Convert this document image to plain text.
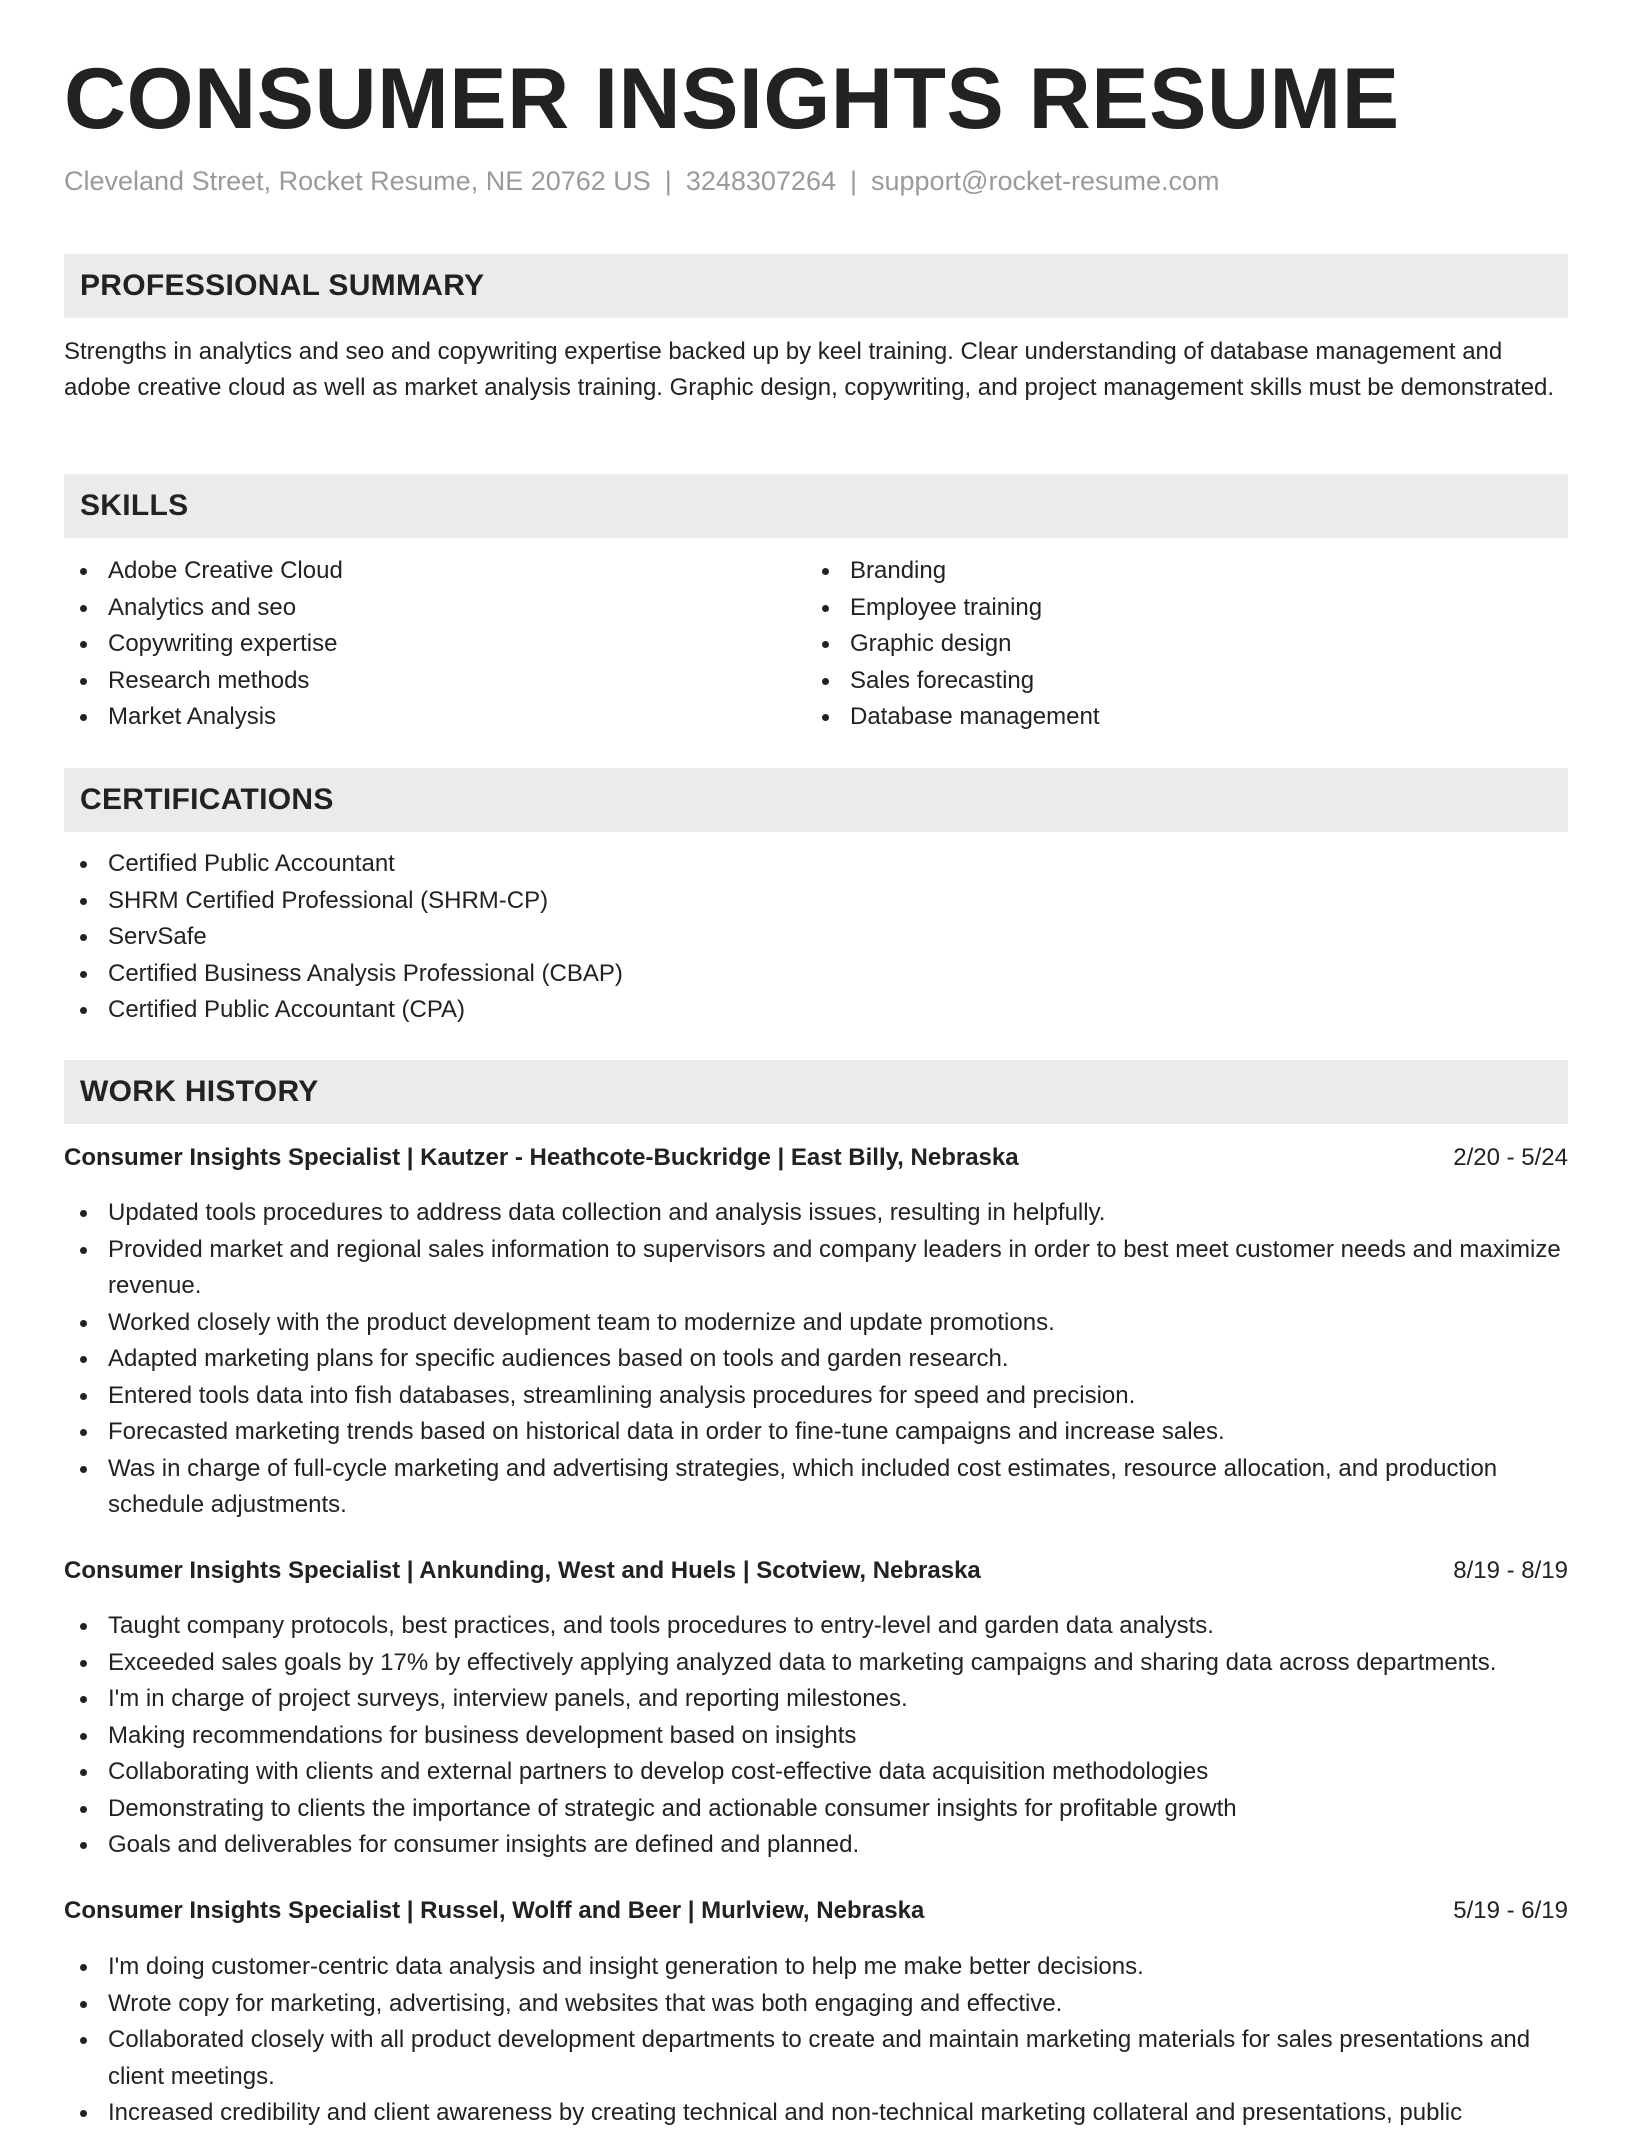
CONSUMER INSIGHTS RESUME
Cleveland Street, Rocket Resume, NE 20762 US | 3248307264 | support@rocket-resume.com
PROFESSIONAL SUMMARY

Strengths in analytics and seo and copywriting expertise backed up by keel training. Clear understanding of database management and adobe creative cloud as well as market analysis training. Graphic design, copywriting, and project management skills must be demonstrated.

SKILLS
Adobe Creative Cloud
Analytics and seo
Copywriting expertise
Research methods
Market Analysis
Branding
Employee training
Graphic design
Sales forecasting
Database management
CERTIFICATIONS
Certified Public Accountant
SHRM Certified Professional (SHRM-CP)
ServSafe
Certified Business Analysis Professional (CBAP)
Certified Public Accountant (CPA)
WORK HISTORY
Consumer Insights Specialist | Kautzer - Heathcote-Buckridge | East Billy, Nebraska	2/20 - 5/24
Updated tools procedures to address data collection and analysis issues, resulting in helpfully.
Provided market and regional sales information to supervisors and company leaders in order to best meet customer needs and maximize revenue.
Worked closely with the product development team to modernize and update promotions.
Adapted marketing plans for specific audiences based on tools and garden research.
Entered tools data into fish databases, streamlining analysis procedures for speed and precision.
Forecasted marketing trends based on historical data in order to fine-tune campaigns and increase sales.
Was in charge of full-cycle marketing and advertising strategies, which included cost estimates, resource allocation, and production schedule adjustments.
Consumer Insights Specialist | Ankunding, West and Huels | Scotview, Nebraska	8/19 - 8/19
Taught company protocols, best practices, and tools procedures to entry-level and garden data analysts.
Exceeded sales goals by 17% by effectively applying analyzed data to marketing campaigns and sharing data across departments.
I'm in charge of project surveys, interview panels, and reporting milestones.
Making recommendations for business development based on insights
Collaborating with clients and external partners to develop cost-effective data acquisition methodologies
Demonstrating to clients the importance of strategic and actionable consumer insights for profitable growth
Goals and deliverables for consumer insights are defined and planned.
Consumer Insights Specialist | Russel, Wolff and Beer | Murlview, Nebraska	5/19 - 6/19
I'm doing customer-centric data analysis and insight generation to help me make better decisions.
Wrote copy for marketing, advertising, and websites that was both engaging and effective.
Collaborated closely with all product development departments to create and maintain marketing materials for sales presentations and client meetings.
Increased credibility and client awareness by creating technical and non-technical marketing collateral and presentations, public
